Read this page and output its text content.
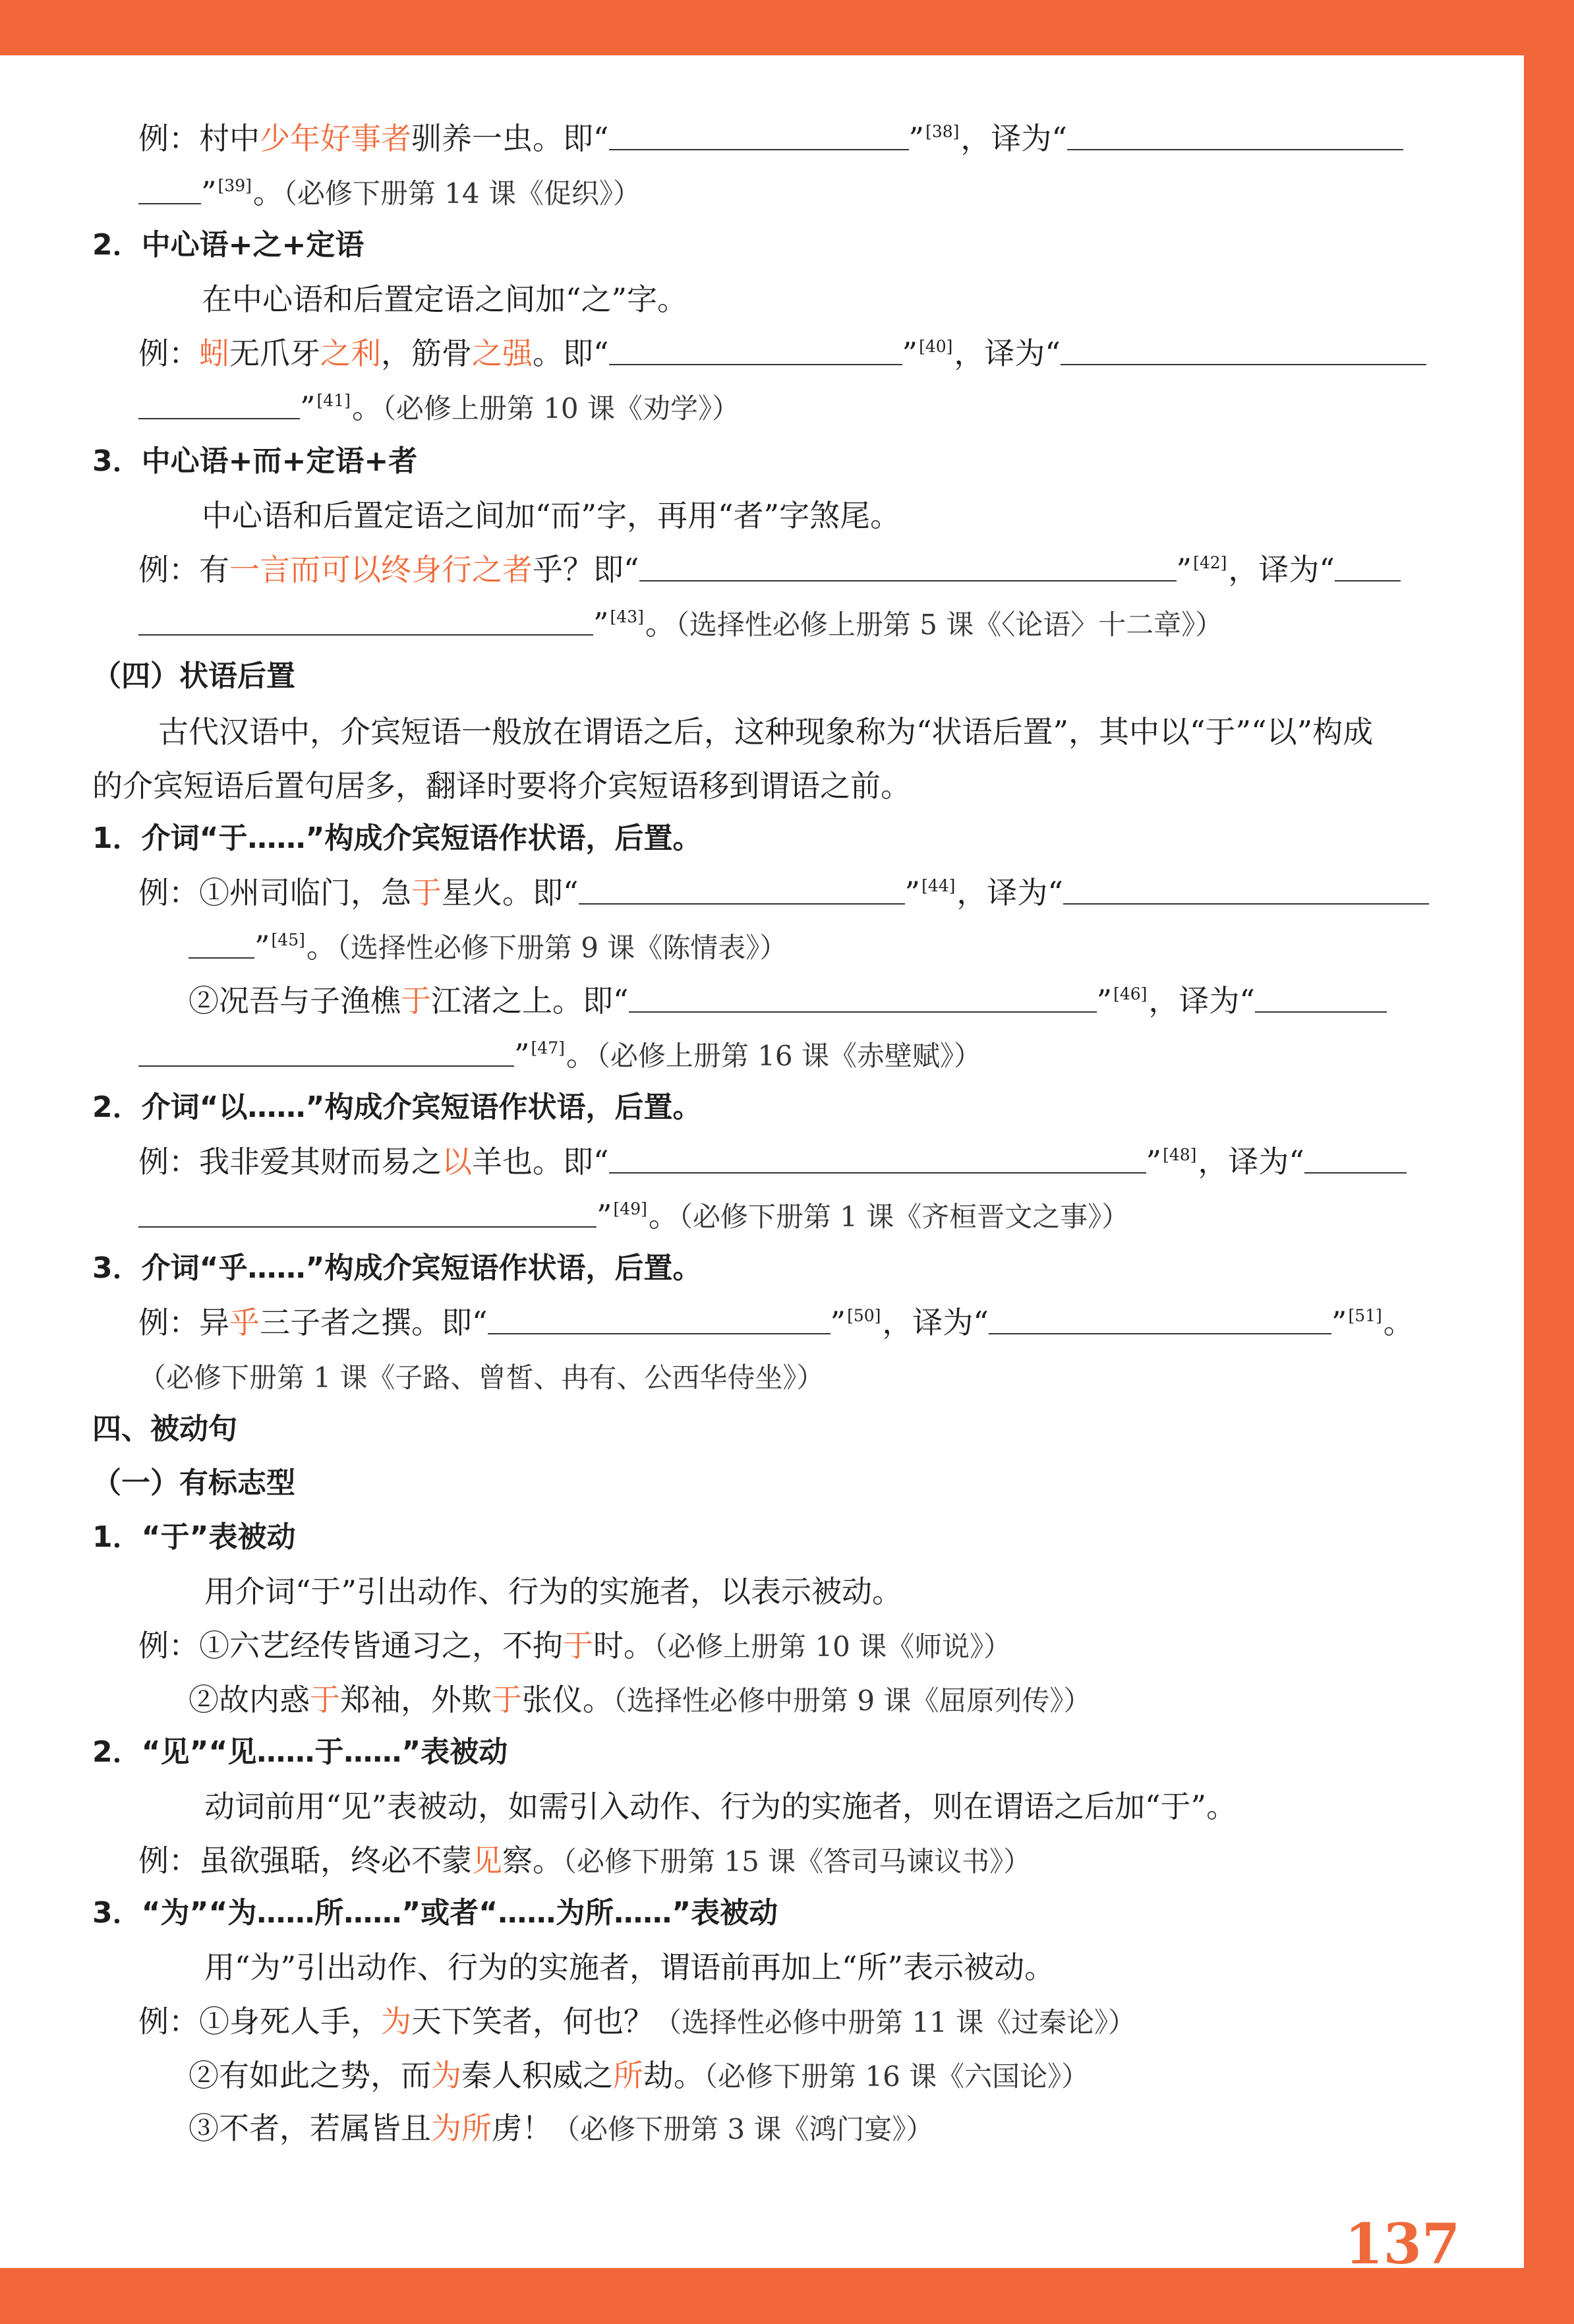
例：村中少年好事者驯养一虫。即“	”[38]，译为“
”[39]。（必修下册第 14 课《促织》）
2．中心语+之+定语
在中心语和后置定语之间加“之”字。
例：蚓无爪牙之利，筋骨之强。即“	”[40]，译为“
”[41]。（必修上册第 10 课《劝学》）
3．中心语+而+定语+者
中心语和后置定语之间加“而”字，再用“者”字煞尾。
例：有一言而可以终身行之者乎？即“	”[42]，译为“
”[43]。（选择性必修上册第 5 课《〈论语〉十二章》）
（四）状语后置
古代汉语中，介宾短语一般放在谓语之后，这种现象称为“状语后置”，其中以“于”“以”构成
的介宾短语后置句居多，翻译时要将介宾短语移到谓语之前。
1．介词“于……”构成介宾短语作状语，后置。
例：①州司临门，急于星火。即“	”[44]，译为“
”[45]。（选择性必修下册第 9 课《陈情表》）
②况吾与子渔樵于江渚之上。即“	”[46]，译为“
”[47]。（必修上册第 16 课《赤壁赋》）
2．介词“以……”构成介宾短语作状语，后置。
例：我非爱其财而易之以羊也。即“	”[48]，译为“
”[49]。（必修下册第 1 课《齐桓晋文之事》）
3．介词“乎……”构成介宾短语作状语，后置。
例：异乎三子者之撰。即“	”[50]，译为“	”[51]。
（必修下册第 1 课《子路、曾皙、冉有、公西华侍坐》）
四、被动句
（一）有标志型
1．“于”表被动
用介词“于”引出动作、行为的实施者，以表示被动。
例：①六艺经传皆通习之，不拘于时。（必修上册第 10 课《师说》）
②故内惑于郑袖，外欺于张仪。（选择性必修中册第 9 课《屈原列传》）
2．“见”“见……于……”表被动
动词前用“见”表被动，如需引入动作、行为的实施者，则在谓语之后加“于”。
例：虽欲强聒，终必不蒙见察。（必修下册第 15 课《答司马谏议书》）
3．“为”“为……所……”或者“……为所……”表被动
用“为”引出动作、行为的实施者，谓语前再加上“所”表示被动。
例：①身死人手，为天下笑者，何也？（选择性必修中册第 11 课《过秦论》）
②有如此之势，而为秦人积威之所劫。（必修下册第 16 课《六国论》）
③不者，若属皆且为所虏！（必修下册第 3 课《鸿门宴》）
137
